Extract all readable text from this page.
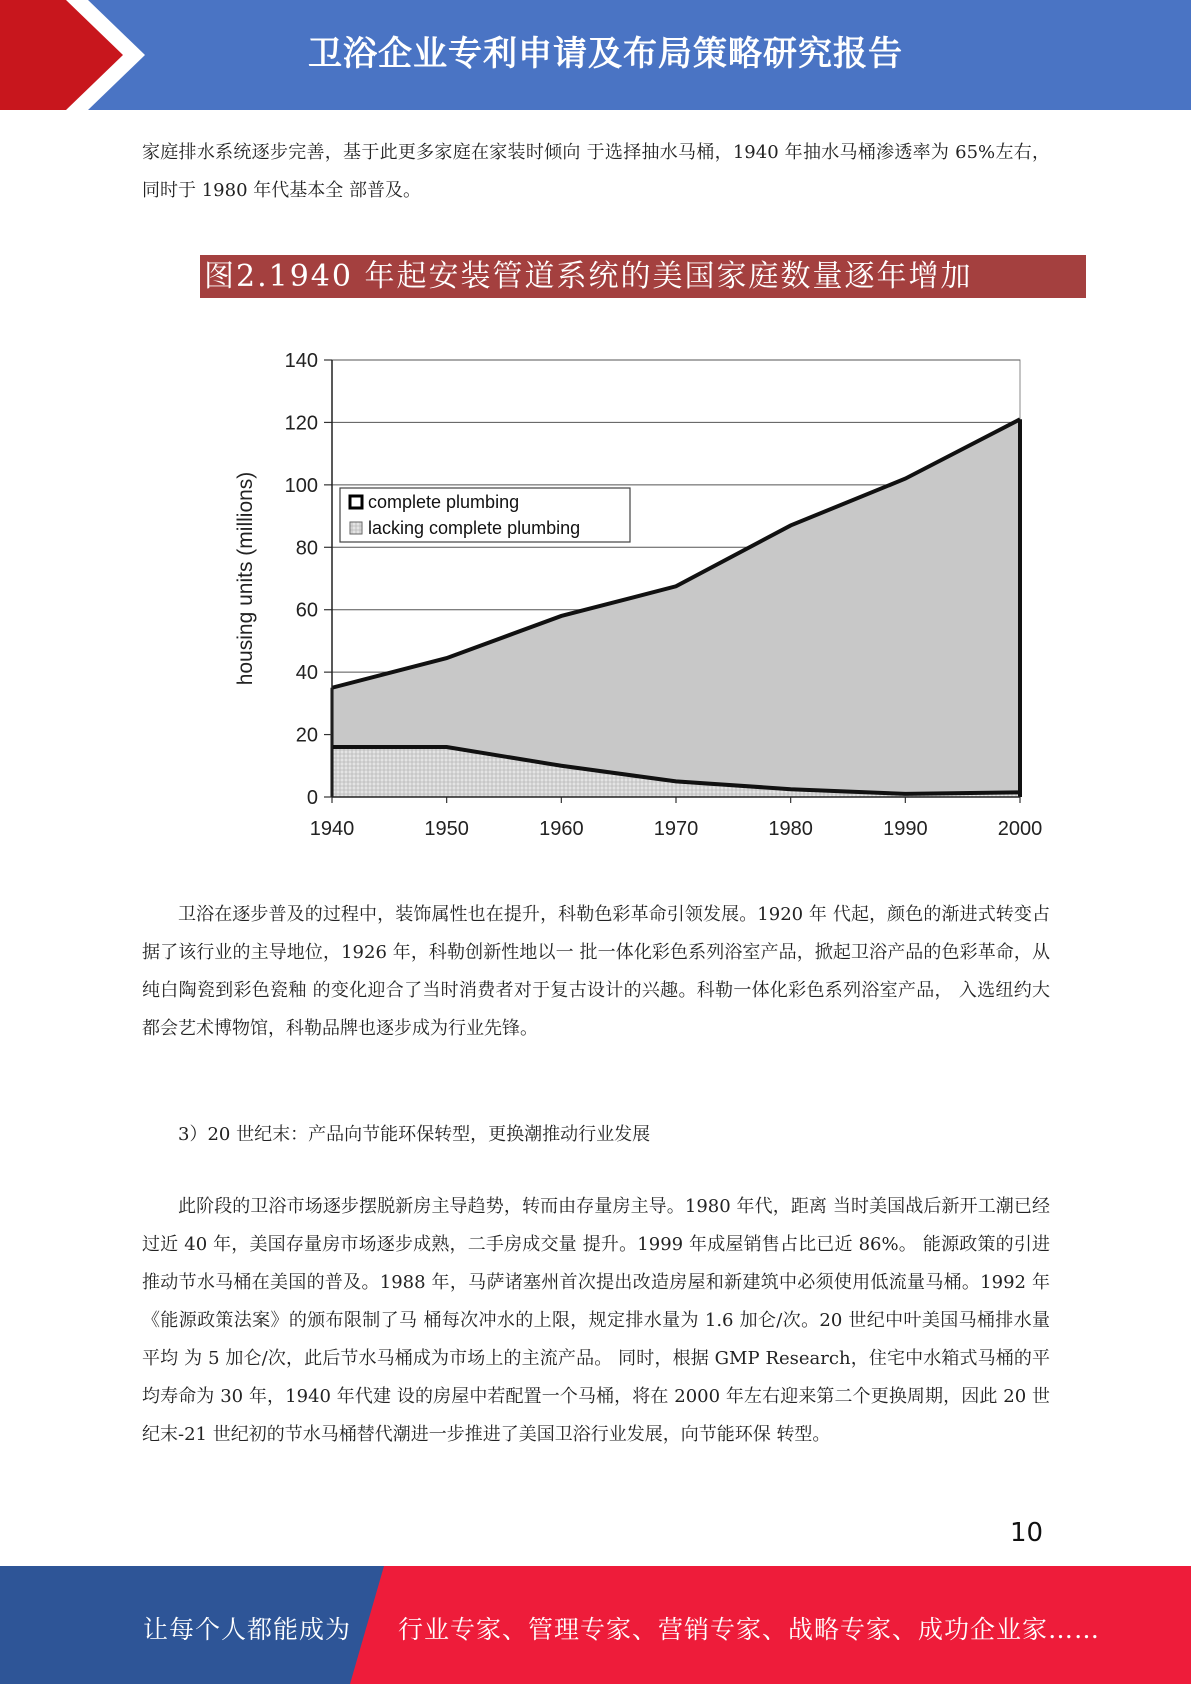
卫浴企业专利申请及布局策略研究报告

家庭排水系统逐步完善，基于此更多家庭在家装时倾向 于选择抽水马桶，1940 年抽水马桶渗透率为 65%左右，同时于 1980 年代基本全 部普及。

图2.1940 年起安装管道系统的美国家庭数量逐年增加
0
20
40
60
80
100
120
140
1940	1950	1960	1970	1980	1990	2000
housing units (millions)	complete plumbing
lacking complete plumbing

卫浴在逐步普及的过程中，装饰属性也在提升，科勒色彩革命引领发展。1920 年 代起，颜色的渐进式转变占据了该行业的主导地位，1926 年，科勒创新性地以一 批一体化彩色系列浴室产品，掀起卫浴产品的色彩革命，从纯白陶瓷到彩色瓷釉 的变化迎合了当时消费者对于复古设计的兴趣。科勒一体化彩色系列浴室产品， 入选纽约大都会艺术博物馆，科勒品牌也逐步成为行业先锋。

3）20 世纪末：产品向节能环保转型，更换潮推动行业发展

此阶段的卫浴市场逐步摆脱新房主导趋势，转而由存量房主导。1980 年代，距离 当时美国战后新开工潮已经过近 40 年，美国存量房市场逐步成熟，二手房成交量 提升。1999 年成屋销售占比已近 86%。 能源政策的引进推动节水马桶在美国的普及。1988 年，马萨诸塞州首次提出改造房屋和新建筑中必须使用低流量马桶。1992 年《能源政策法案》的颁布限制了马 桶每次冲水的上限，规定排水量为 1.6 加仑/次。20 世纪中叶美国马桶排水量平均 为 5 加仑/次，此后节水马桶成为市场上的主流产品。 同时，根据 GMP Research，住宅中水箱式马桶的平均寿命为 30 年，1940 年代建 设的房屋中若配置一个马桶，将在 2000 年左右迎来第二个更换周期，因此 20 世纪末-21 世纪初的节水马桶替代潮进一步推进了美国卫浴行业发展，向节能环保 转型。

10
让每个人都能成为 行业专家、管理专家、营销专家、战略专家、成功企业家……
